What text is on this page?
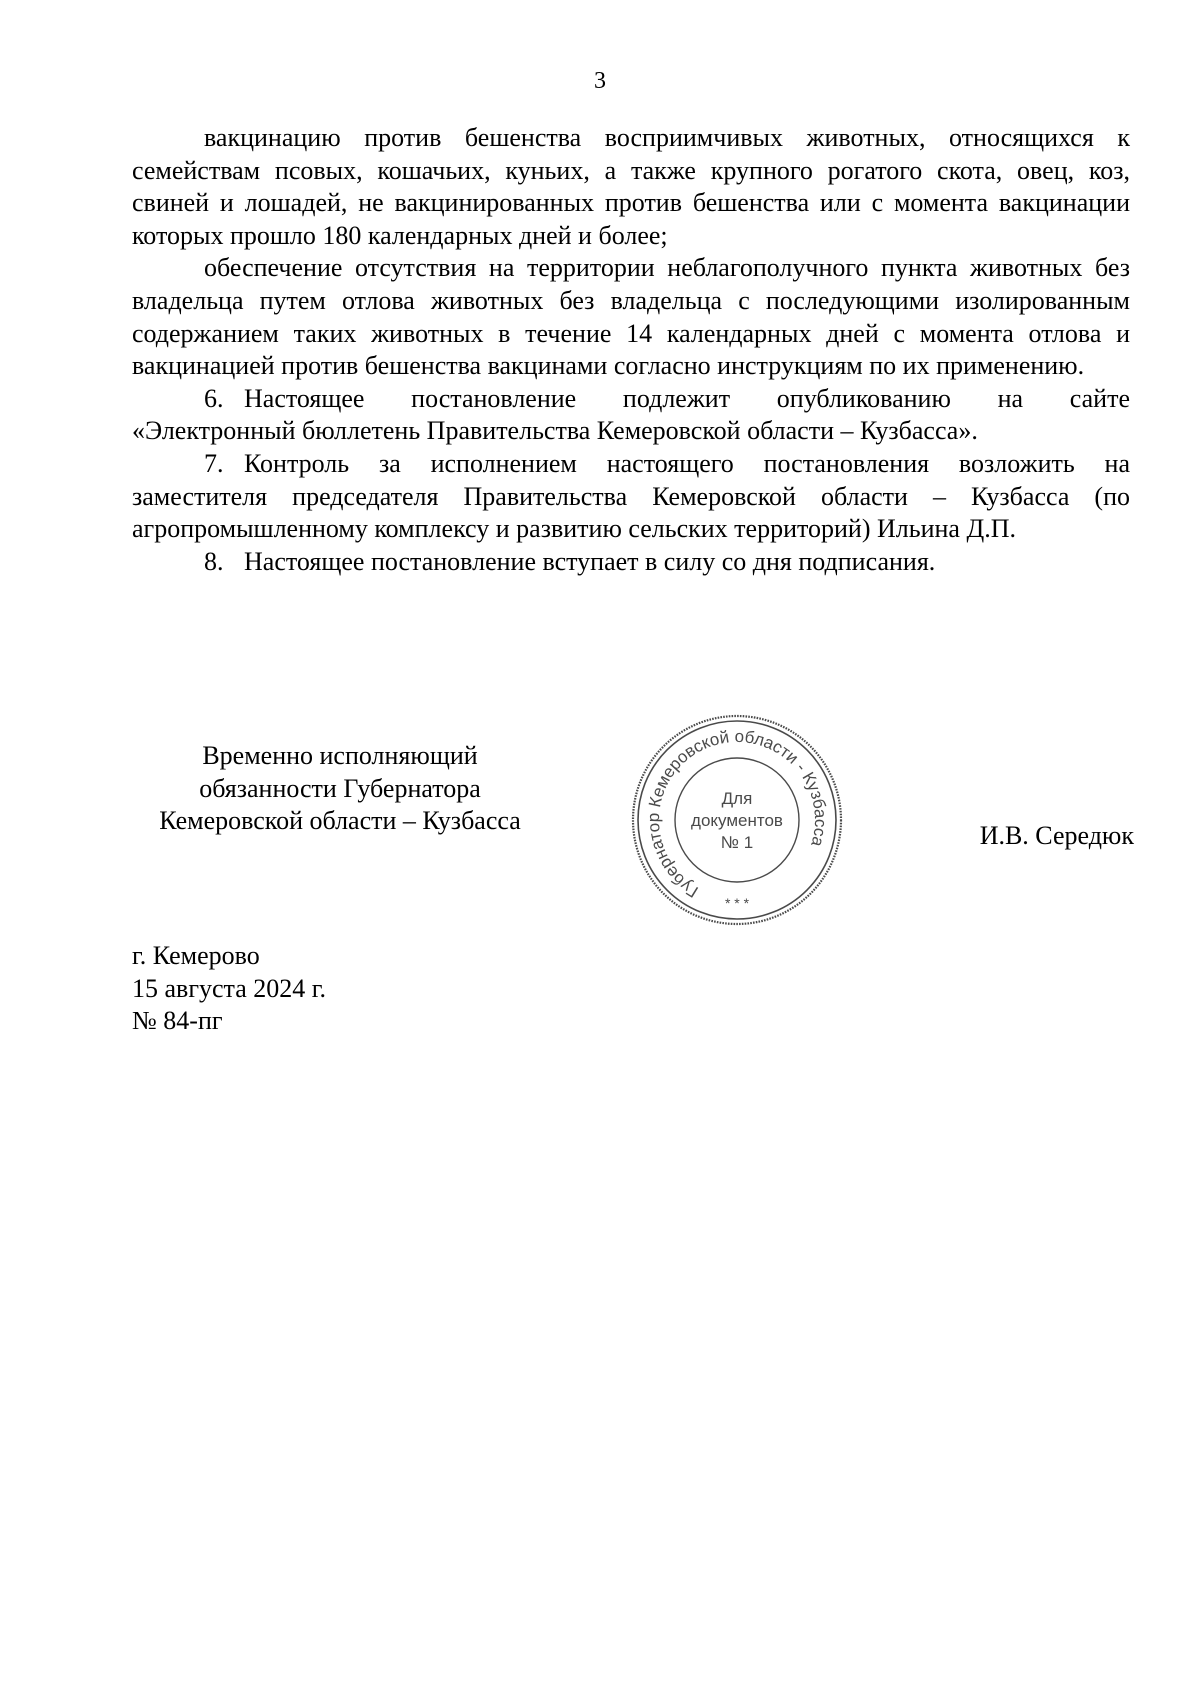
3

вакцинацию против бешенства восприимчивых животных, относящихся к семействам псовых, кошачьих, куньих, а также крупного рогатого скота, овец, коз, свиней и лошадей, не вакцинированных против бешенства или с момента вакцинации которых прошло 180 календарных дней и более;

обеспечение отсутствия на территории неблагополучного пункта животных без владельца путем отлова животных без владельца с последующими изолированным содержанием таких животных в течение 14 календарных дней с момента отлова и вакцинацией против бешенства вакцинами согласно инструкциям по их применению.

6. Настоящее постановление подлежит опубликованию на сайте

«Электронный бюллетень Правительства Кемеровской области – Кузбасса».

7. Контроль за исполнением настоящего постановления возложить на заместителя председателя Правительства Кемеровской области – Кузбасса (по агропромышленному комплексу и развитию сельских территорий) Ильина Д.П.

8. Настоящее постановление вступает в силу со дня подписания.

Временно исполняющий
обязанности Губернатора
Кемеровской области – Кузбасса
Губернатор Кемеровской области - Кузбасса
Для
документов
№ 1
* * *
И.В. Середюк
г. Кемерово
15 августа 2024 г.
№ 84-пг
